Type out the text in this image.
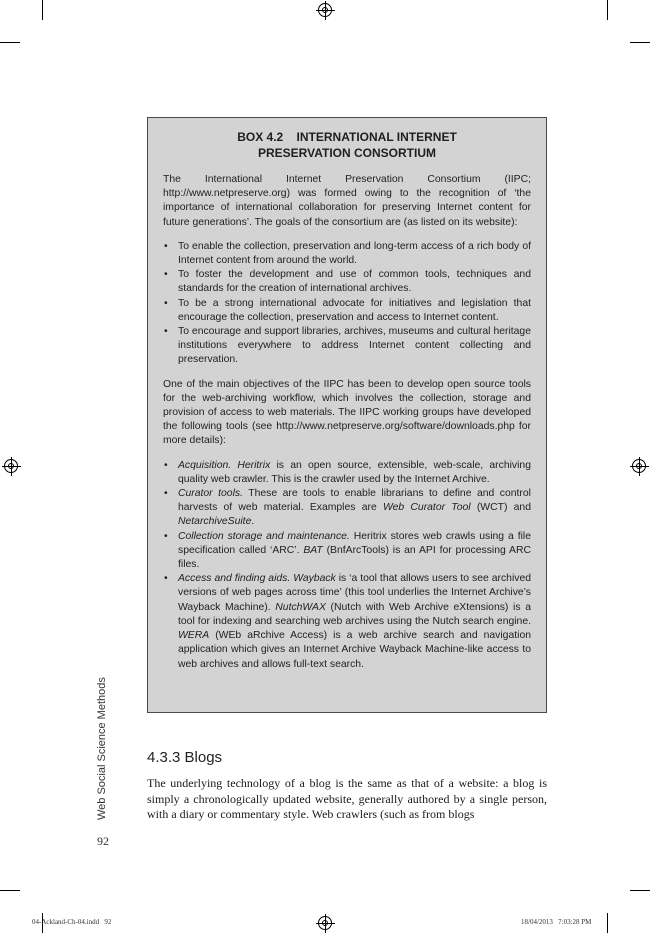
BOX 4.2    INTERNATIONAL INTERNET
PRESERVATION CONSORTIUM

The International Internet Preservation Consortium (IIPC; http://www.netpreserve.org) was formed owing to the recognition of ‘the importance of international collaboration for preserving Internet content for future generations’. The goals of the consortium are (as listed on its website):

• To enable the collection, preservation and long-term access of a rich body of Internet content from around the world.
• To foster the development and use of common tools, techniques and standards for the creation of international archives.
• To be a strong international advocate for initiatives and legislation that encourage the collection, preservation and access to Internet content.
• To encourage and support libraries, archives, museums and cultural heritage institutions everywhere to address Internet content collecting and preservation.

One of the main objectives of the IIPC has been to develop open source tools for the web-archiving workflow, which involves the collection, storage and provision of access to web materials. The IIPC working groups have developed the following tools (see http://www.netpreserve.org/software/downloads.php for more details):

• Acquisition. Heritrix is an open source, extensible, web-scale, archiving quality web crawler. This is the crawler used by the Internet Archive.
• Curator tools. These are tools to enable librarians to define and control harvests of web material. Examples are Web Curator Tool (WCT) and NetarchiveSuite.
• Collection storage and maintenance. Heritrix stores web crawls using a file specification called ‘ARC’. BAT (BnfArcTools) is an API for processing ARC files.
• Access and finding aids. Wayback is ‘a tool that allows users to see archived versions of web pages across time’ (this tool underlies the Internet Archive’s Wayback Machine). NutchWAX (Nutch with Web Archive eXtensions) is a tool for indexing and searching web archives using the Nutch search engine. WERA (WEb aRchive Access) is a web archive search and navigation application which gives an Internet Archive Wayback Machine-like access to web archives and allows full-text search.
4.3.3 Blogs
The underlying technology of a blog is the same as that of a website: a blog is simply a chronologically updated website, generally authored by a single person, with a diary or commentary style. Web crawlers (such as from blogs
Web Social Science Methods
92
04-Ackland-Ch-04.indd   92	18/04/2013   7:03:28 PM
